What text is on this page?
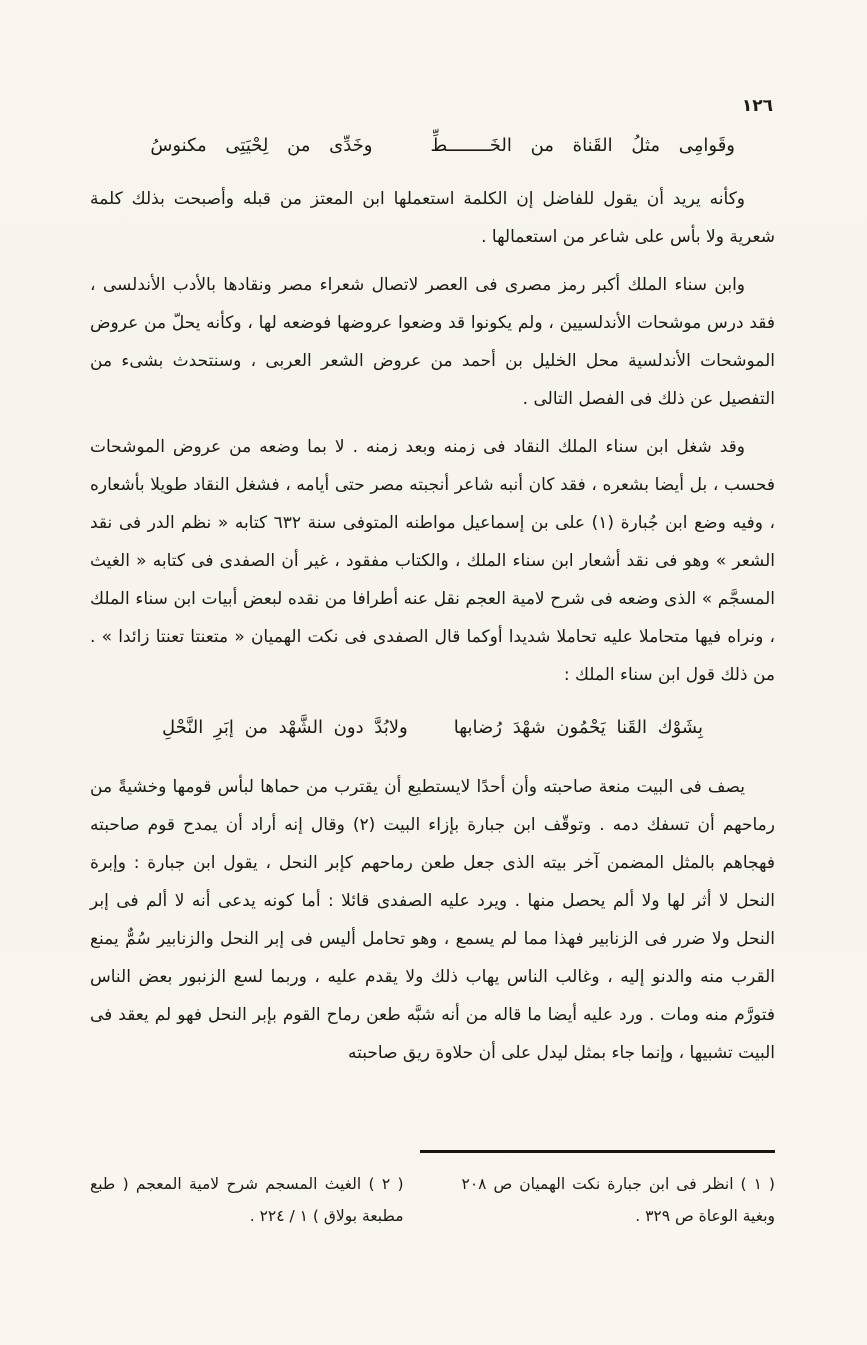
١٢٦
وقَوامِى مثلُ القَناة من الخَــــــــطِّ
وخَدِّى من لِحْيَتِى مكنوسُ

وكأنه يريد أن يقول للفاضل إن الكلمة استعملها ابن المعتز من قبله وأصبحت بذلك كلمة شعرية ولا بأس على شاعر من استعمالها .

وابن سناء الملك أكبر رمز مصرى فى العصر لاتصال شعراء مصر ونقادها بالأدب الأندلسى ، فقد درس موشحات الأندلسيين ، ولم يكونوا قد وضعوا عروضها فوضعه لها ، وكأنه يحلّ من عروض الموشحات الأندلسية محل الخليل بن أحمد من عروض الشعر العربى ، وسنتحدث بشىء من التفصيل عن ذلك فى الفصل التالى .

وقد شغل ابن سناء الملك النقاد فى زمنه وبعد زمنه . لا بما وضعه من عروض الموشحات فحسب ، بل أيضا بشعره ، فقد كان أنبه شاعر أنجبته مصر حتى أيامه ، فشغل النقاد طويلا بأشعاره ، وفيه وضع ابن جُبارة (١) على بن إسماعيل مواطنه المتوفى سنة ٦٣٢ كتابه « نظم الدر فى نقد الشعر » وهو فى نقد أشعار ابن سناء الملك ، والكتاب مفقود ، غير أن الصفدى فى كتابه « الغيث المسجَّم » الذى وضعه فى شرح لامية العجم نقل عنه أطرافا من نقده لبعض أبيات ابن سناء الملك ، ونراه فيها متحاملا عليه تحاملا شديدا أوكما قال الصفدى فى نكت الهميان « متعنتا تعنتا زائدا » . من ذلك قول ابن سناء الملك :

بِشَوْك القَنا يَحْمُون شهْدَ رُضابها
ولابُدَّ دون الشَّهْد من إبَرِ النَّحْلِ

يصف فى البيت منعة صاحبته وأن أحدًا لايستطيع أن يقترب من حماها لبأس قومها وخشيةً من رماحهم أن تسفك دمه . وتوقّف ابن جبارة بإزاء البيت (٢) وقال إنه أراد أن يمدح قوم صاحبته فهجاهم بالمثل المضمن آخر بيته الذى جعل طعن رماحهم كإبر النحل ، يقول ابن جبارة : وإبرة النحل لا أثر لها ولا ألم يحصل منها . ويرد عليه الصفدى قائلا : أما كونه يدعى أنه لا ألم فى إبر النحل ولا ضرر فى الزنابير فهذا مما لم يسمع ، وهو تحامل أليس فى إبر النحل والزنابير سُمٌّ يمنع القرب منه والدنو إليه ، وغالب الناس يهاب ذلك ولا يقدم عليه ، وربما لسع الزنبور بعض الناس فتورَّم منه ومات . ورد عليه أيضا ما قاله من أنه شبَّه طعن رماح القوم بإبر النحل فهو لم يعقد فى البيت تشبيها ، وإنما جاء بمثل ليدل على أن حلاوة ريق صاحبته

( ١ ) انظر فى ابن جبارة نكت الهميان ص ٢٠٨ وبغية الوعاة ص ٣٢٩ .
( ٢ ) الغيث المسجم شرح لامية المعجم ( طبع مطبعة بولاق ) ١ / ٢٢٤ .
